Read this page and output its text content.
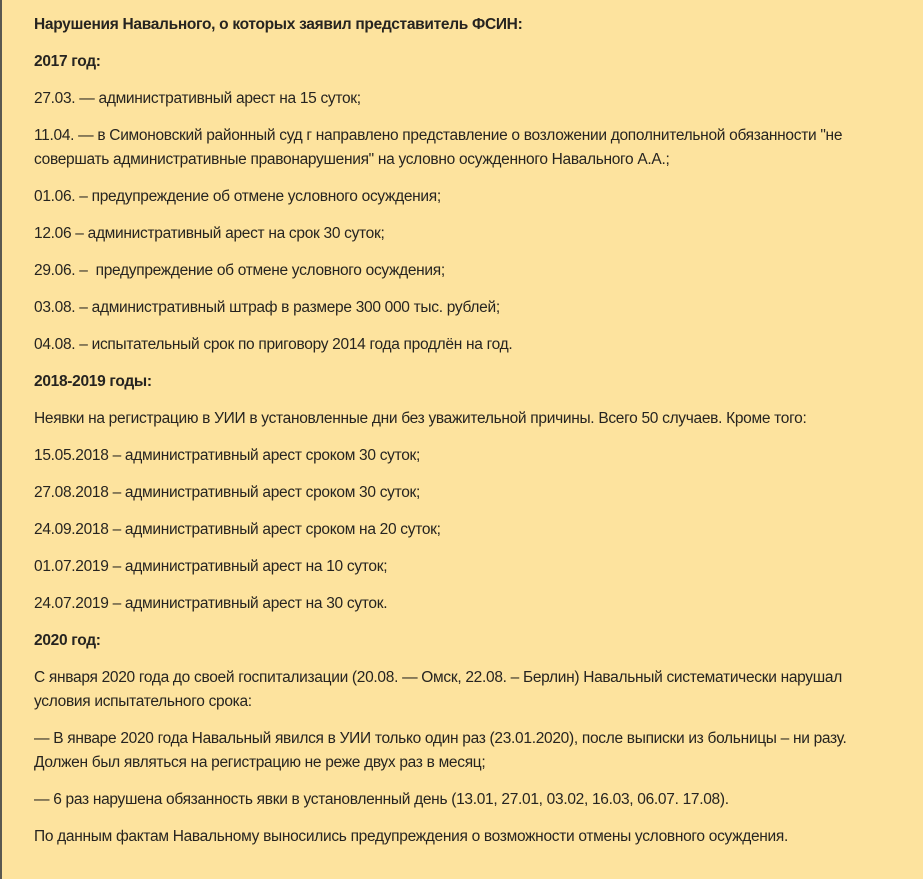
Нарушения Навального, о которых заявил представитель ФСИН:

2017 год:

27.03. — административный арест на 15 суток;

11.04. — в Симоновский районный суд г направлено представление о возложении дополнительной обязанности "не совершать административные правонарушения" на условно осужденного Навального А.А.;

01.06. – предупреждение об отмене условного осуждения;

12.06 – административный арест на срок 30 суток;

29.06. –  предупреждение об отмене условного осуждения;

03.08. – административный штраф в размере 300 000 тыс. рублей;

04.08. – испытательный срок по приговору 2014 года продлён на год.

2018-2019 годы:

Неявки на регистрацию в УИИ в установленные дни без уважительной причины. Всего 50 случаев. Кроме того:

15.05.2018 – административный арест сроком 30 суток;

27.08.2018 – административный арест сроком 30 суток;

24.09.2018 – административный арест сроком на 20 суток;

01.07.2019 – административный арест на 10 суток;

24.07.2019 – административный арест на 30 суток.

2020 год:

С января 2020 года до своей госпитализации (20.08. — Омск, 22.08. – Берлин) Навальный систематически нарушал условия испытательного срока:

— В январе 2020 года Навальный явился в УИИ только один раз (23.01.2020), после выписки из больницы – ни разу. Должен был являться на регистрацию не реже двух раз в месяц;

— 6 раз нарушена обязанность явки в установленный день (13.01, 27.01, 03.02, 16.03, 06.07. 17.08).

По данным фактам Навальному выносились предупреждения о возможности отмены условного осуждения.
